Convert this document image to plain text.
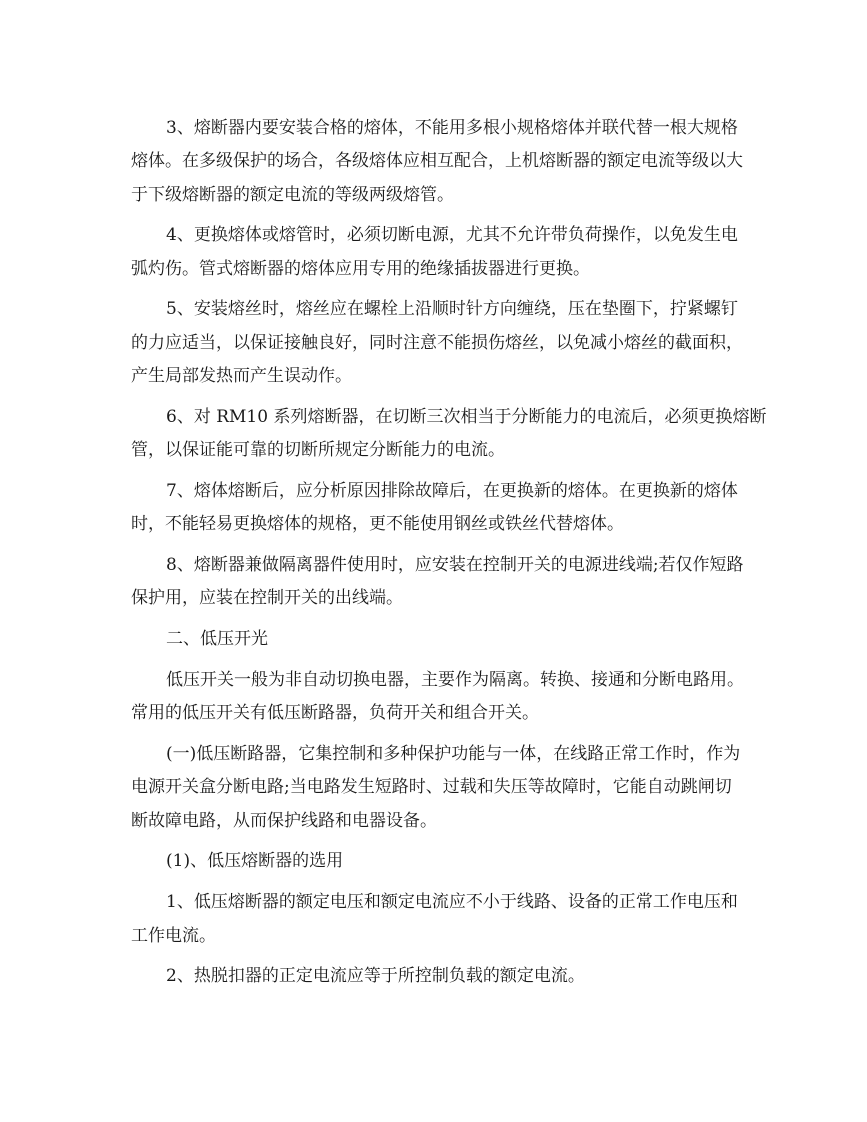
3、熔断器内要安装合格的熔体，不能用多根小规格熔体并联代替一根大规格
熔体。在多级保护的场合，各级熔体应相互配合，上机熔断器的额定电流等级以大
于下级熔断器的额定电流的等级两级熔管。

4、更换熔体或熔管时，必须切断电源，尤其不允许带负荷操作，以免发生电
弧灼伤。管式熔断器的熔体应用专用的绝缘插拔器进行更换。

5、安装熔丝时，熔丝应在螺栓上沿顺时针方向缠绕，压在垫圈下，拧紧螺钉
的力应适当，以保证接触良好，同时注意不能损伤熔丝，以免减小熔丝的截面积，
产生局部发热而产生误动作。

6、对 RM10 系列熔断器，在切断三次相当于分断能力的电流后，必须更换熔断
管，以保证能可靠的切断所规定分断能力的电流。

7、熔体熔断后，应分析原因排除故障后，在更换新的熔体。在更换新的熔体
时，不能轻易更换熔体的规格，更不能使用钢丝或铁丝代替熔体。

8、熔断器兼做隔离器件使用时，应安装在控制开关的电源进线端;若仅作短路
保护用，应装在控制开关的出线端。

二、低压开光

低压开关一般为非自动切换电器，主要作为隔离。转换、接通和分断电路用。
常用的低压开关有低压断路器，负荷开关和组合开关。

(一)低压断路器，它集控制和多种保护功能与一体，在线路正常工作时，作为
电源开关盒分断电路;当电路发生短路时、过载和失压等故障时，它能自动跳闸切
断故障电路，从而保护线路和电器设备。

(1)、低压熔断器的选用

1、低压熔断器的额定电压和额定电流应不小于线路、设备的正常工作电压和
工作电流。

2、热脱扣器的正定电流应等于所控制负载的额定电流。
